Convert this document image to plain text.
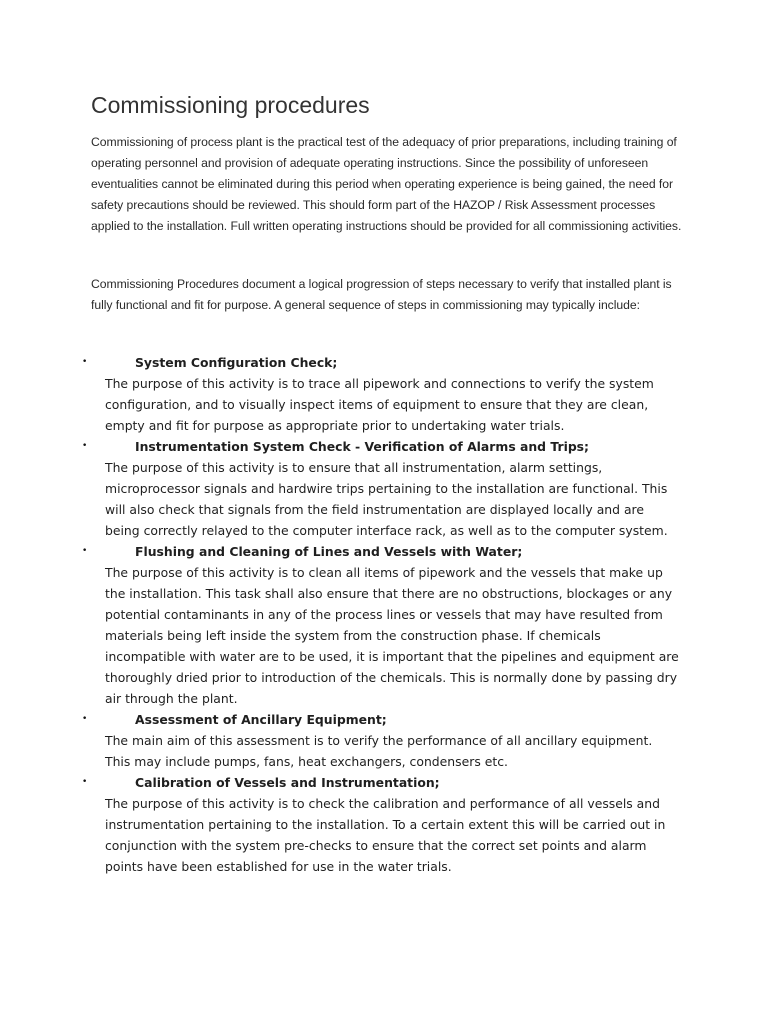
Commissioning procedures

Commissioning of process plant is the practical test of the adequacy of prior preparations, including training of operating personnel and provision of adequate operating instructions. Since the possibility of unforeseen eventualities cannot be eliminated during this period when operating experience is being gained, the need for safety precautions should be reviewed. This should form part of the HAZOP / Risk Assessment processes applied to the installation. Full written operating instructions should be provided for all commissioning activities.

Commissioning Procedures document a logical progression of steps necessary to verify that installed plant is fully functional and fit for purpose. A general sequence of steps in commissioning may typically include:

•	System Configuration Check;
The purpose of this activity is to trace all pipework and connections to verify the system configuration, and to visually inspect items of equipment to ensure that they are clean, empty and fit for purpose as appropriate prior to undertaking water trials.
•	Instrumentation System Check - Verification of Alarms and Trips;
The purpose of this activity is to ensure that all instrumentation, alarm settings, microprocessor signals and hardwire trips pertaining to the installation are functional. This will also check that signals from the field instrumentation are displayed locally and are being correctly relayed to the computer interface rack, as well as to the computer system.
•	Flushing and Cleaning of Lines and Vessels with Water;
The purpose of this activity is to clean all items of pipework and the vessels that make up the installation. This task shall also ensure that there are no obstructions, blockages or any potential contaminants in any of the process lines or vessels that may have resulted from materials being left inside the system from the construction phase. If chemicals incompatible with water are to be used, it is important that the pipelines and equipment are thoroughly dried prior to introduction of the chemicals. This is normally done by passing dry air through the plant.
•	Assessment of Ancillary Equipment;
The main aim of this assessment is to verify the performance of all ancillary equipment. This may include pumps, fans, heat exchangers, condensers etc.
•	Calibration of Vessels and Instrumentation;
The purpose of this activity is to check the calibration and performance of all vessels and instrumentation pertaining to the installation. To a certain extent this will be carried out in conjunction with the system pre-checks to ensure that the correct set points and alarm points have been established for use in the water trials.
